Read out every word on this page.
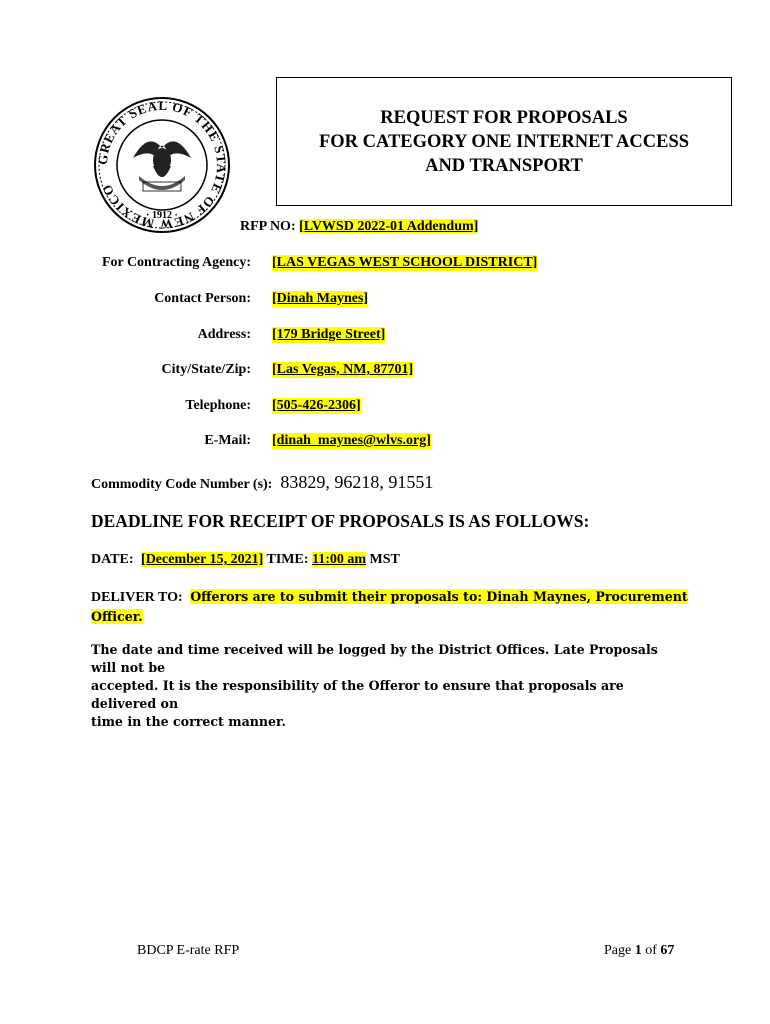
GREAT SEAL OF THE STATE OF NEW MEXICO
· 1912 ·
REQUEST FOR PROPOSALS
FOR CATEGORY ONE INTERNET ACCESS
AND TRANSPORT
RFP NO: [LVWSD 2022-01 Addendum]
For Contracting Agency: [LAS VEGAS WEST SCHOOL DISTRICT]
Contact Person: [Dinah Maynes]
Address: [179 Bridge Street]
City/State/Zip: [Las Vegas, NM, 87701]
Telephone: [505-426-2306]
E-Mail: [dinah_maynes@wlvs.org]
Commodity Code Number (s): 83829, 96218, 91551
DEADLINE FOR RECEIPT OF PROPOSALS IS AS FOLLOWS:
DATE: [December 15, 2021] TIME: 11:00 am MST
DELIVER TO: Offerors are to submit their proposals to: Dinah Maynes, Procurement
Officer.
The date and time received will be logged by the District Offices. Late Proposals will not be
accepted. It is the responsibility of the Offeror to ensure that proposals are delivered on
time in the correct manner.
BDCP E-rate RFP	Page 1 of 67
